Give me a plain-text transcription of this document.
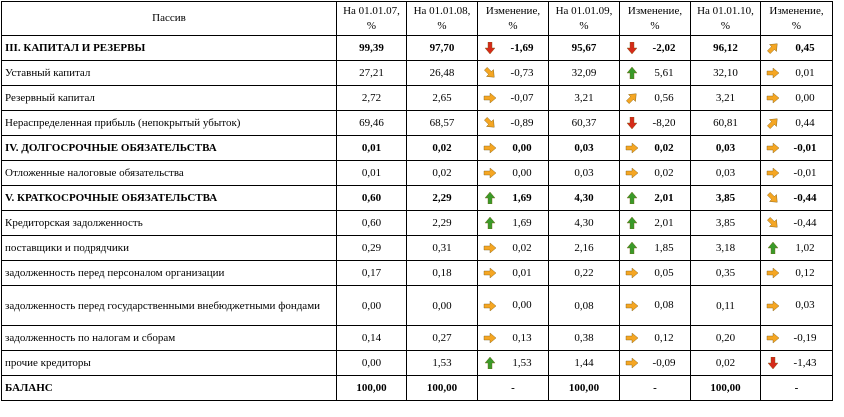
Пассив	На 01.01.07, %	На 01.01.08, %	Изменение, %	На 01.01.09, %	Изменение, %	На 01.01.10, %	Изменение, %
III. КАПИТАЛ И РЕЗЕРВЫ	99,39	97,70	-1,69	95,67	-2,02	96,12	0,45
Уставный капитал	27,21	26,48	-0,73	32,09	5,61	32,10	0,01
Резервный капитал	2,72	2,65	-0,07	3,21	0,56	3,21	0,00
Нераспределенная прибыль (непокрытый убыток)	69,46	68,57	-0,89	60,37	-8,20	60,81	0,44
IV. ДОЛГОСРОЧНЫЕ ОБЯЗАТЕЛЬСТВА	0,01	0,02	0,00	0,03	0,02	0,03	-0,01
Отложенные налоговые обязательства	0,01	0,02	0,00	0,03	0,02	0,03	-0,01
V. КРАТКОСРОЧНЫЕ ОБЯЗАТЕЛЬСТВА	0,60	2,29	1,69	4,30	2,01	3,85	-0,44
Кредиторская задолженность	0,60	2,29	1,69	4,30	2,01	3,85	-0,44
поставщики и подрядчики	0,29	0,31	0,02	2,16	1,85	3,18	1,02
задолженность перед персоналом организации	0,17	0,18	0,01	0,22	0,05	0,35	0,12
задолженность перед государственными внебюджетными фондами	0,00	0,00	0,00	0,08	0,08	0,11	0,03
задолженность по налогам и сборам	0,14	0,27	0,13	0,38	0,12	0,20	-0,19
прочие кредиторы	0,00	1,53	1,53	1,44	-0,09	0,02	-1,43
БАЛАНС	100,00	100,00	-	100,00	-	100,00	-
